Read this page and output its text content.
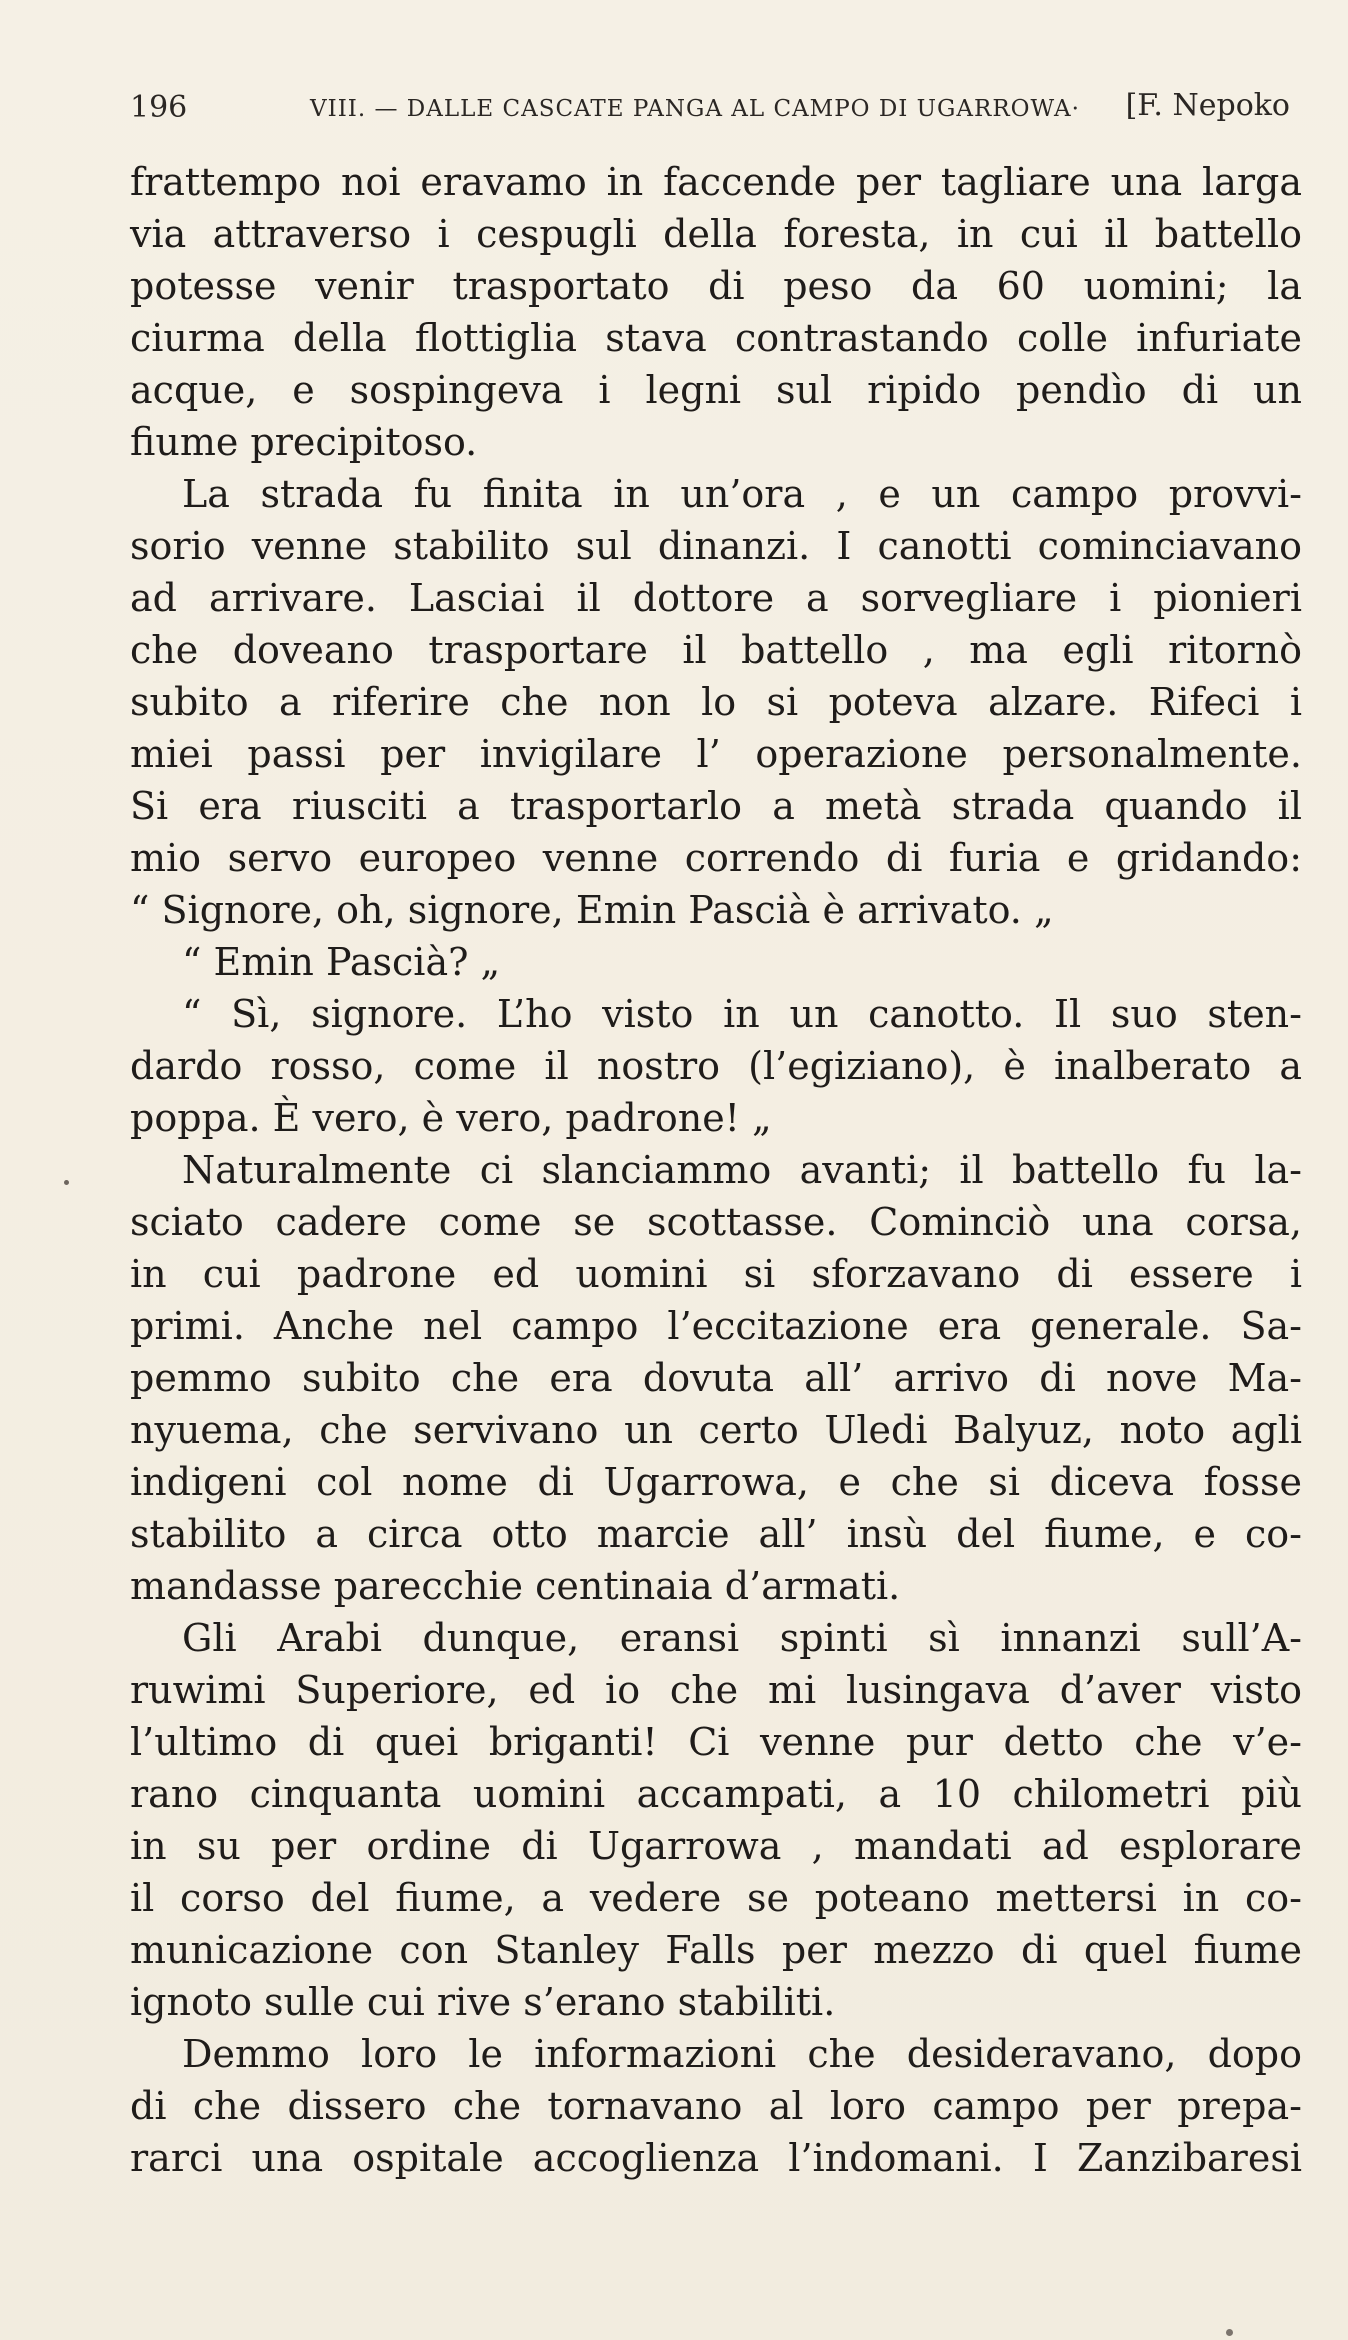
196	VIII. — DALLE CASCATE PANGA AL CAMPO DI UGARROWA· [F. Nepoko
frattempo noi eravamo in faccende per tagliare una larga
via attraverso i cespugli della foresta, in cui il battello
potesse venir trasportato di peso da 60 uomini; la
ciurma della flottiglia stava contrastando colle infuriate
acque, e sospingeva i legni sul ripido pendìo di un
fiume precipitoso.
La strada fu finita in un’ora , e un campo provvi-
sorio venne stabilito sul dinanzi. I canotti cominciavano
ad arrivare. Lasciai il dottore a sorvegliare i pionieri
che doveano trasportare il battello , ma egli ritornò
subito a riferire che non lo si poteva alzare. Rifeci i
miei passi per invigilare l’ operazione personalmente.
Si era riusciti a trasportarlo a metà strada quando il
mio servo europeo venne correndo di furia e gridando:
“ Signore, oh, signore, Emin Pascià è arrivato. „
“ Emin Pascià? „
“ Sì, signore. L’ho visto in un canotto. Il suo sten-
dardo rosso, come il nostro (l’egiziano), è inalberato a
poppa. È vero, è vero, padrone! „
Naturalmente ci slanciammo avanti; il battello fu la-
sciato cadere come se scottasse. Cominciò una corsa,
in cui padrone ed uomini si sforzavano di essere i
primi. Anche nel campo l’eccitazione era generale. Sa-
pemmo subito che era dovuta all’ arrivo di nove Ma-
nyuema, che servivano un certo Uledi Balyuz, noto agli
indigeni col nome di Ugarrowa, e che si diceva fosse
stabilito a circa otto marcie all’ insù del fiume, e co-
mandasse parecchie centinaia d’armati.
Gli Arabi dunque, eransi spinti sì innanzi sull’A-
ruwimi Superiore, ed io che mi lusingava d’aver visto
l’ultimo di quei briganti! Ci venne pur detto che v’e-
rano cinquanta uomini accampati, a 10 chilometri più
in su per ordine di Ugarrowa , mandati ad esplorare
il corso del fiume, a vedere se poteano mettersi in co-
municazione con Stanley Falls per mezzo di quel fiume
ignoto sulle cui rive s’erano stabiliti.
Demmo loro le informazioni che desideravano, dopo
di che dissero che tornavano al loro campo per prepa-
rarci una ospitale accoglienza l’indomani. I Zanzibaresi
